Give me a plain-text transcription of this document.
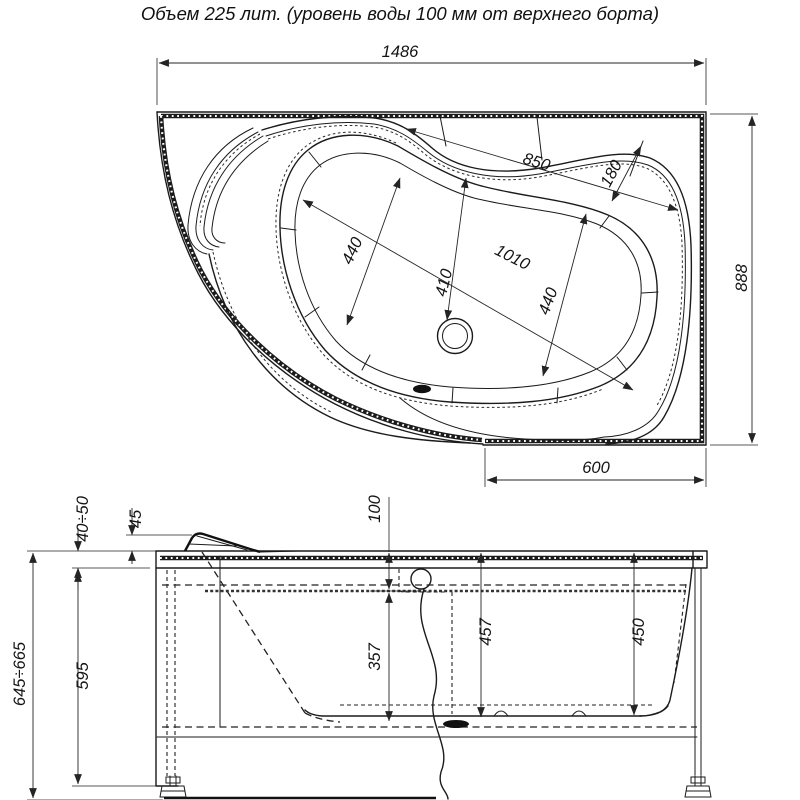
Объем 225 лит. (уровень воды 100 мм от верхнего борта)
1486
888
600
850	180
440	1010
410
440
45
40÷50
595
645÷665
100
357
457	450
